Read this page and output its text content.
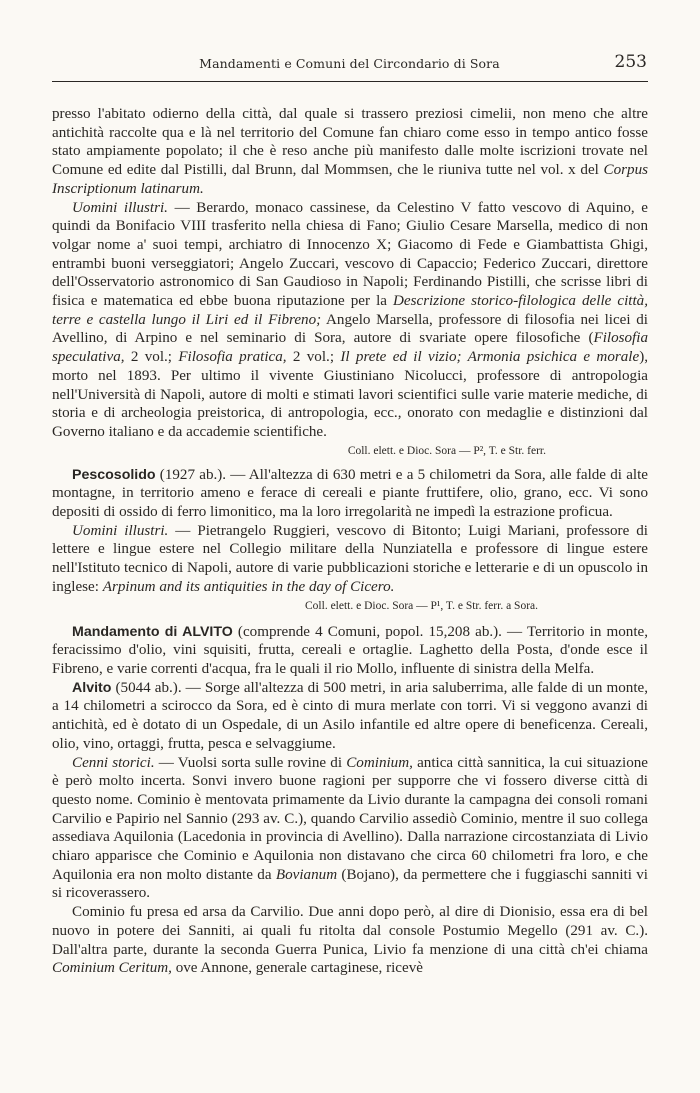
Mandamenti e Comuni del Circondario di Sora	253

presso l'abitato odierno della città, dal quale si trassero preziosi cimelii, non meno che altre antichità raccolte qua e là nel territorio del Comune fan chiaro come esso in tempo antico fosse stato ampiamente popolato; il che è reso anche più manifesto dalle molte iscrizioni trovate nel Comune ed edite dal Pistilli, dal Brunn, dal Mommsen, che le riuniva tutte nel vol. x del Corpus Inscriptionum latinarum.

Uomini illustri. — Berardo, monaco cassinese, da Celestino V fatto vescovo di Aquino, e quindi da Bonifacio VIII trasferito nella chiesa di Fano; Giulio Cesare Marsella, medico di non volgar nome a' suoi tempi, archiatro di Innocenzo X; Giacomo di Fede e Giambattista Ghigi, entrambi buoni verseggiatori; Angelo Zuccari, vescovo di Capaccio; Federico Zuccari, direttore dell'Osservatorio astronomico di San Gaudioso in Napoli; Ferdinando Pistilli, che scrisse libri di fisica e matematica ed ebbe buona riputazione per la Descrizione storico-filologica delle città, terre e castella lungo il Liri ed il Fibreno; Angelo Marsella, professore di filosofia nei licei di Avellino, di Arpino e nel seminario di Sora, autore di svariate opere filosofiche (Filosofia speculativa, 2 vol.; Filosofia pratica, 2 vol.; Il prete ed il vizio; Armonia psichica e morale), morto nel 1893. Per ultimo il vivente Giustiniano Nicolucci, professore di antropologia nell'Università di Napoli, autore di molti e stimati lavori scientifici sulle varie materie mediche, di storia e di archeologia preistorica, di antropologia, ecc., onorato con medaglie e distinzioni dal Governo italiano e da accademie scientifiche.

Coll. elett. e Dioc. Sora — P², T. e Str. ferr.

Pescosolido (1927 ab.). — All'altezza di 630 metri e a 5 chilometri da Sora, alle falde di alte montagne, in territorio ameno e ferace di cereali e piante fruttifere, olio, grano, ecc. Vi sono depositi di ossido di ferro limonitico, ma la loro irregolarità ne impedì la estrazione proficua.

Uomini illustri. — Pietrangelo Ruggieri, vescovo di Bitonto; Luigi Mariani, professore di lettere e lingue estere nel Collegio militare della Nunziatella e professore di lingue estere nell'Istituto tecnico di Napoli, autore di varie pubblicazioni storiche e letterarie e di un opuscolo in inglese: Arpinum and its antiquities in the day of Cicero.

Coll. elett. e Dioc. Sora — P¹, T. e Str. ferr. a Sora.

Mandamento di ALVITO (comprende 4 Comuni, popol. 15,208 ab.). — Territorio in monte, feracissimo d'olio, vini squisiti, frutta, cereali e ortaglie. Laghetto della Posta, d'onde esce il Fibreno, e varie correnti d'acqua, fra le quali il rio Mollo, influente di sinistra della Melfa.

Alvito (5044 ab.). — Sorge all'altezza di 500 metri, in aria saluberrima, alle falde di un monte, a 14 chilometri a scirocco da Sora, ed è cinto di mura merlate con torri. Vi si veggono avanzi di antichità, ed è dotato di un Ospedale, di un Asilo infantile ed altre opere di beneficenza. Cereali, olio, vino, ortaggi, frutta, pesca e selvaggiume.

Cenni storici. — Vuolsi sorta sulle rovine di Cominium, antica città sannitica, la cui situazione è però molto incerta. Sonvi invero buone ragioni per supporre che vi fossero diverse città di questo nome. Cominio è mentovata primamente da Livio durante la campagna dei consoli romani Carvilio e Papirio nel Sannio (293 av. C.), quando Carvilio assediò Cominio, mentre il suo collega assediava Aquilonia (Lacedonia in provincia di Avellino). Dalla narrazione circostanziata di Livio chiaro apparisce che Cominio e Aquilonia non distavano che circa 60 chilometri fra loro, e che Aquilonia era non molto distante da Bovianum (Bojano), da permettere che i fuggiaschi sanniti vi si ricoverassero.

Cominio fu presa ed arsa da Carvilio. Due anni dopo però, al dire di Dionisio, essa era di bel nuovo in potere dei Sanniti, ai quali fu ritolta dal console Postumio Megello (291 av. C.). Dall'altra parte, durante la seconda Guerra Punica, Livio fa menzione di una città ch'ei chiama Cominium Ceritum, ove Annone, generale cartaginese, ricevè
